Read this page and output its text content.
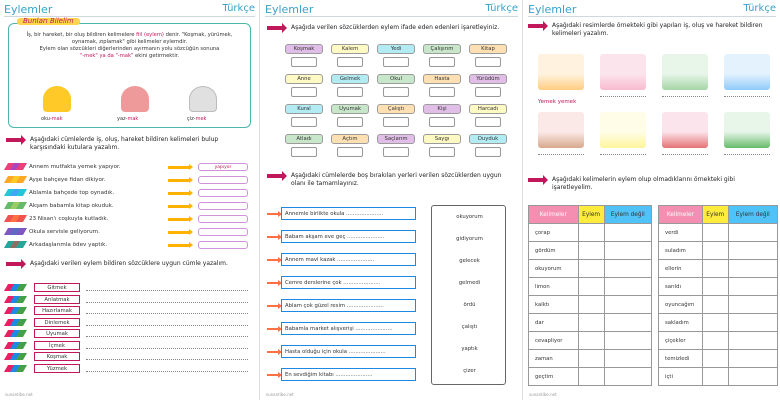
Eylemler	Türkçe
Bunları Bilelim
İş, bir hareket, bir oluş bildiren kelimelere fiil (eylem) denir. "Koşmak, yürümek, oynamak, zıplamak" gibi kelimeler eylemdir.
Eylem olan sözcükleri diğerlerinden ayırmanın yolu sözcüğün sonuna
"-mek" ya da "-mak" ekini getirmektir.
oku-mak	yaz-mak	çiz-mek
Aşağıdaki cümlelerde iş, oluş, hareket bildiren kelimeleri bulup karşısındaki kutulara yazalım.
Annem mutfakta yemek yapıyor.	yapıyor
Ayşe bahçeye fidan dikiyor.
Ablamla bahçede top oynadık.
Akşam babamla kitap okuduk.
23 Nisan'ı coşkuyla kutladık.
Okula servisle geliyorum.
Arkadaşlarımla ödev yaptık.
Aşağıdaki verilen eylem bildiren sözcüklere uygun cümle yazalım.
Gitmek
Anlatmak
Hazırlamak
Dinlemek
Uyumak
İçmek
Koşmak
Yüzmek
sunantibe.net
Eylemler	Türkçe
Aşağıda verilen sözcüklerden eylem ifade eden edenleri işaretleyiniz.
Koşmak	Kalem	Yedi	Çalışırım	Kitap
Anne	Gelmek	Okul	Hasta	Yürüdüm
Kural	Uyumak	Çalıştı	Kişi	Harcadı
Atladı	Açtım	Saçlarım	Saygı	Duyduk
Aşağıdaki cümlelerde boş bırakılan yerleri verilen sözcüklerden uygun olanı ile tamamlayınız.
Annemle birlikte okula ......................
Babam akşam eve geç ......................
Annem mavi kazak ......................
Cemre derslerine çok ......................
Ablam çok güzel resim ......................
Babamla market alışverişi ......................
Hasta olduğu için okula ......................
En sevdiğim kitabı ......................
okuyorum
gidiyorum
gelecek
gelmedi
ördü
çalıştı
yaptık
çizer
sunantibe.net
Eylemler	Türkçe
Aşağıdaki resimlerde örnekteki gibi yapılan iş, oluş ve hareket bildiren kelimeleri yazalım.
Yemek yemek
Aşağıdaki kelimelerin eylem olup olmadıklarını örnekteki gibi işaretleyelim.
Kelimeler	Eylem	Eylem değil
çorap		
gördüm		
okuyorum		
limon		
kalktı		
dar		
cevapliyor		
zaman		
geçtim		
Kelimeler	Eylem	Eylem değil
verdi		
suladım		
ellerin		
sarıldı		
oyuncağım		
sakladım		
çiçekler		
temizledi		
içti		
sunantibe.net
